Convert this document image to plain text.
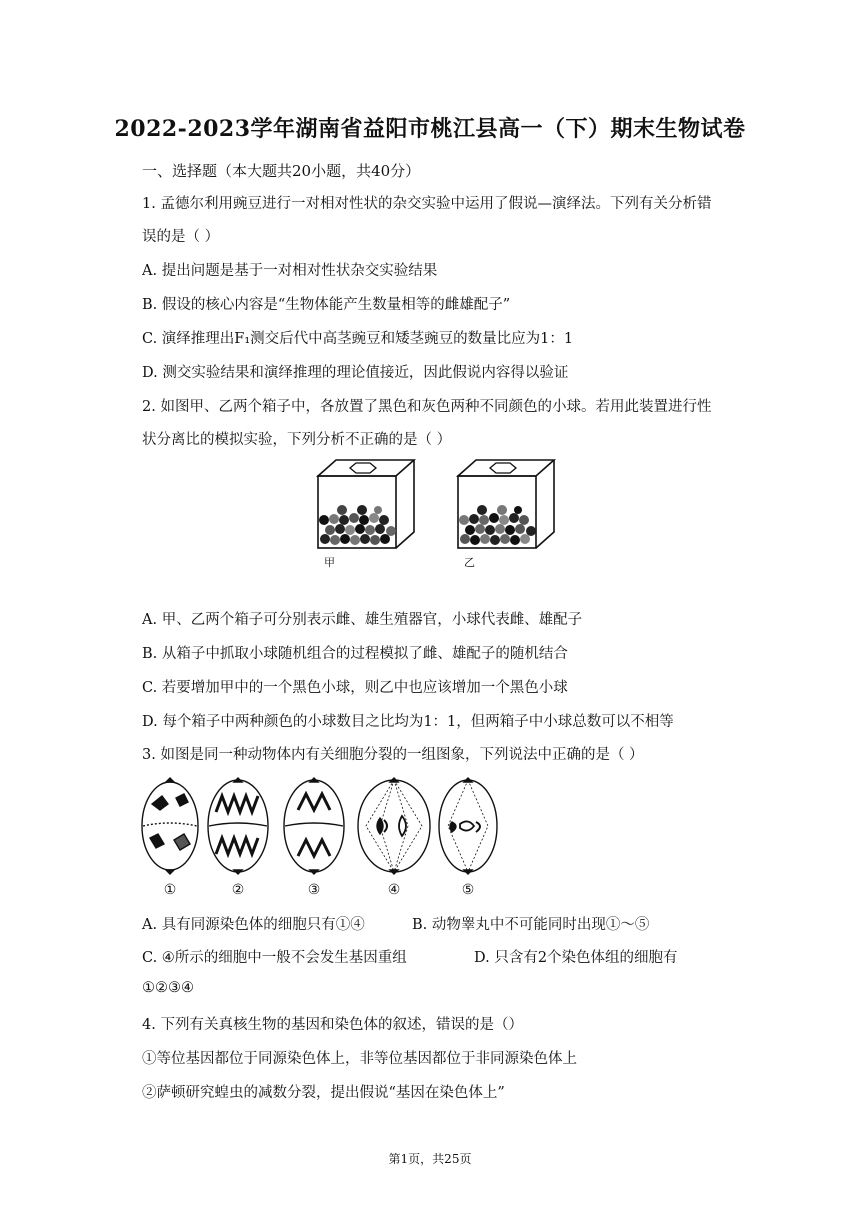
2022-2023学年湖南省益阳市桃江县高一（下）期末生物试卷
一、选择题（本大题共20小题，共40分）
1. 孟德尔利用豌豆进行一对相对性状的杂交实验中运用了假说—演绎法。下列有关分析错
误的是（ ）
A. 提出问题是基于一对相对性状杂交实验结果
B. 假设的核心内容是“生物体能产生数量相等的雌雄配子”
C. 演绎推理出F₁测交后代中高茎豌豆和矮茎豌豆的数量比应为1：1
D. 测交实验结果和演绎推理的理论值接近，因此假说内容得以验证
2. 如图甲、乙两个箱子中，各放置了黑色和灰色两种不同颜色的小球。若用此装置进行性
状分离比的模拟实验，下列分析不正确的是（ ）
甲	乙
A. 甲、乙两个箱子可分别表示雌、雄生殖器官，小球代表雌、雄配子
B. 从箱子中抓取小球随机组合的过程模拟了雌、雄配子的随机结合
C. 若要增加甲中的一个黑色小球，则乙中也应该增加一个黑色小球
D. 每个箱子中两种颜色的小球数目之比均为1：1，但两箱子中小球总数可以不相等
3. 如图是同一种动物体内有关细胞分裂的一组图象，下列说法中正确的是（ ）
①	②	③	④	⑤
A. 具有同源染色体的细胞只有①④	B. 动物睾丸中不可能同时出现①～⑤
C. ④所示的细胞中一般不会发生基因重组	D. 只含有2个染色体组的细胞有
①②③④
4. 下列有关真核生物的基因和染色体的叙述，错误的是（）
①等位基因都位于同源染色体上，非等位基因都位于非同源染色体上
②萨顿研究蝗虫的减数分裂，提出假说“基因在染色体上”
第1页，共25页
